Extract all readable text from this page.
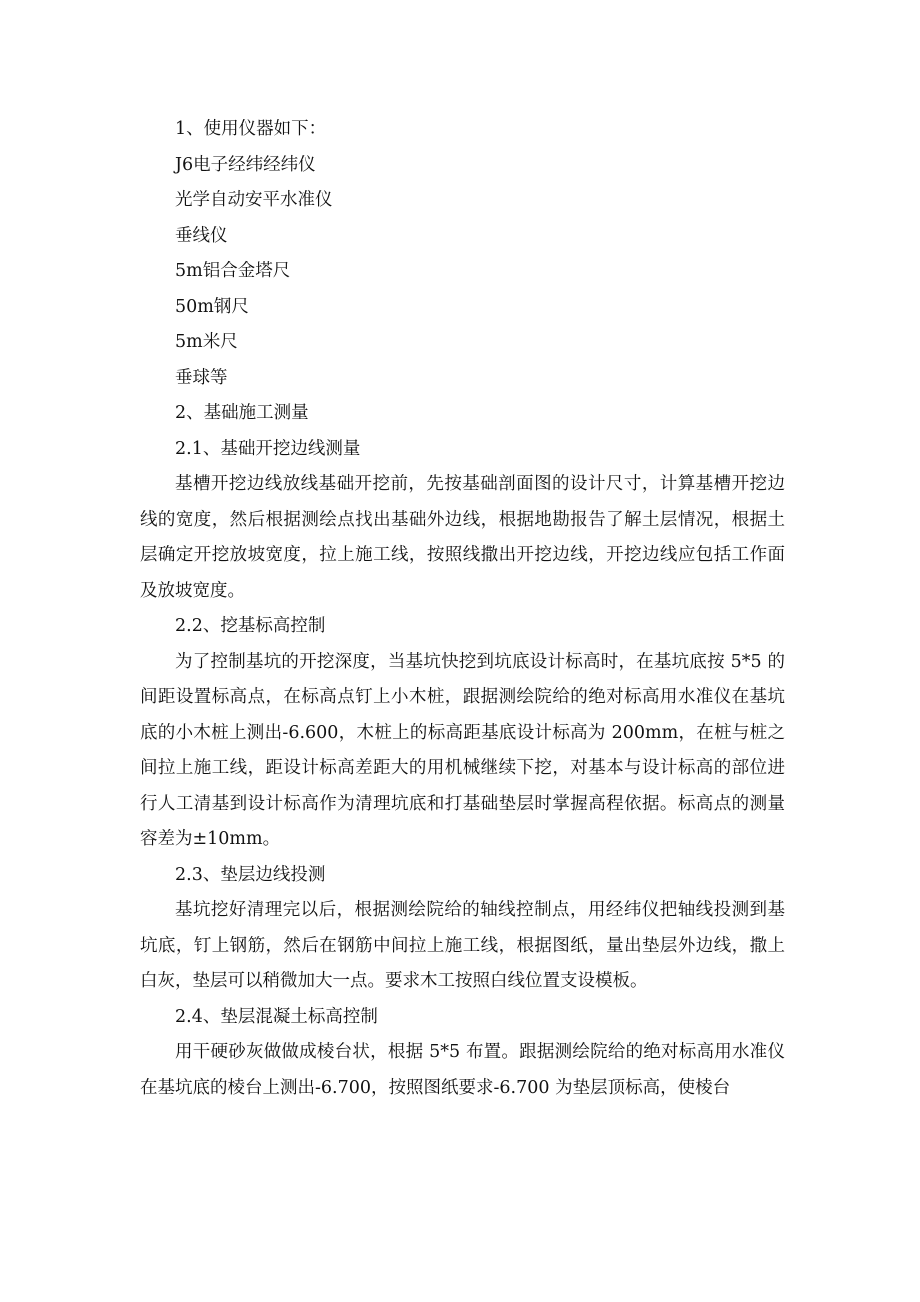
1、使用仪器如下：

J6电子经纬经纬仪

光学自动安平水准仪

垂线仪

5m铝合金塔尺

50m钢尺

5m米尺

垂球等

2、基础施工测量

2.1、基础开挖边线测量

基槽开挖边线放线基础开挖前，先按基础剖面图的设计尺寸，计算基槽开挖边线的宽度，然后根据测绘点找出基础外边线，根据地勘报告了解土层情况，根据土层确定开挖放坡宽度，拉上施工线，按照线撒出开挖边线，开挖边线应包括工作面及放坡宽度。

2.2、挖基标高控制

为了控制基坑的开挖深度，当基坑快挖到坑底设计标高时，在基坑底按 5*5 的间距设置标高点，在标高点钉上小木桩，跟据测绘院给的绝对标高用水准仪在基坑底的小木桩上测出-6.600，木桩上的标高距基底设计标高为 200mm，在桩与桩之间拉上施工线，距设计标高差距大的用机械继续下挖，对基本与设计标高的部位进行人工清基到设计标高作为清理坑底和打基础垫层时掌握高程依据。标高点的测量容差为±10mm。

2.3、垫层边线投测

基坑挖好清理完以后，根据测绘院给的轴线控制点，用经纬仪把轴线投测到基坑底，钉上钢筋，然后在钢筋中间拉上施工线，根据图纸，量出垫层外边线，撒上白灰，垫层可以稍微加大一点。要求木工按照白线位置支设模板。

2.4、垫层混凝土标高控制

用干硬砂灰做做成棱台状，根据 5*5 布置。跟据测绘院给的绝对标高用水准仪在基坑底的棱台上测出-6.700，按照图纸要求-6.700 为垫层顶标高，使棱台
